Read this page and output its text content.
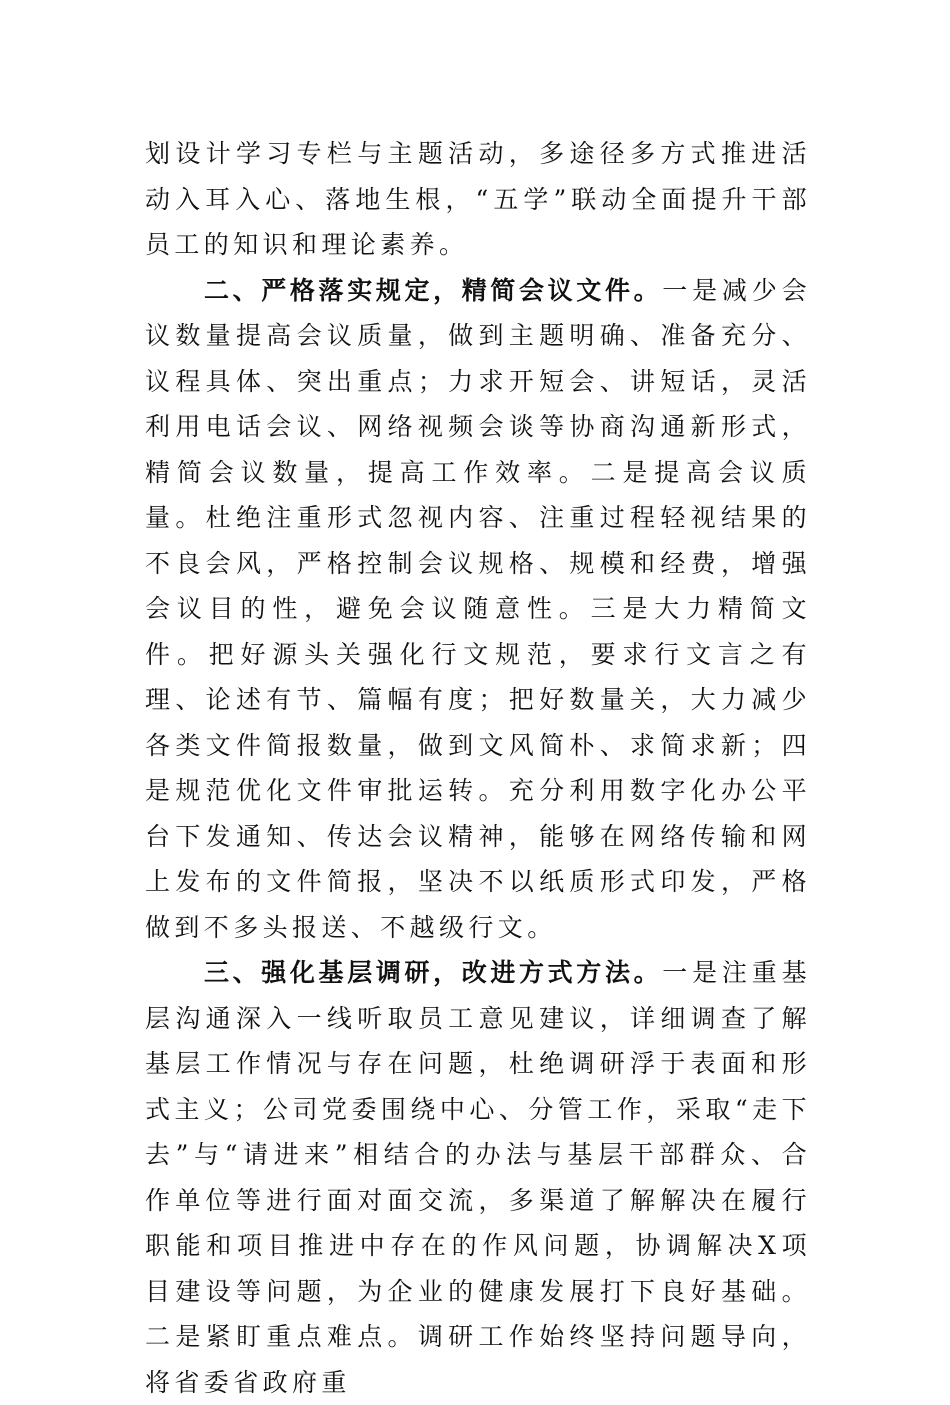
划设计学习专栏与主题活动，多途径多方式推进活动入耳入心、落地生根，“五学”联动全面提升干部员工的知识和理论素养。

二、严格落实规定，精简会议文件。一是减少会议数量提高会议质量，做到主题明确、准备充分、议程具体、突出重点；力求开短会、讲短话，灵活利用电话会议、网络视频会谈等协商沟通新形式，精简会议数量，提高工作效率。二是提高会议质量。杜绝注重形式忽视内容、注重过程轻视结果的不良会风，严格控制会议规格、规模和经费，增强会议目的性，避免会议随意性。三是大力精简文件。把好源头关强化行文规范，要求行文言之有理、论述有节、篇幅有度；把好数量关，大力减少各类文件简报数量，做到文风简朴、求简求新；四是规范优化文件审批运转。充分利用数字化办公平台下发通知、传达会议精神，能够在网络传输和网上发布的文件简报，坚决不以纸质形式印发，严格做到不多头报送、不越级行文。

三、强化基层调研，改进方式方法。一是注重基层沟通深入一线听取员工意见建议，详细调查了解基层工作情况与存在问题，杜绝调研浮于表面和形式主义；公司党委围绕中心、分管工作，采取“走下去”与“请进来”相结合的办法与基层干部群众、合作单位等进行面对面交流，多渠道了解解决在履行职能和项目推进中存在的作风问题，协调解决X项目建设等问题，为企业的健康发展打下良好基础。二是紧盯重点难点。调研工作始终坚持问题导向，将省委省政府重
